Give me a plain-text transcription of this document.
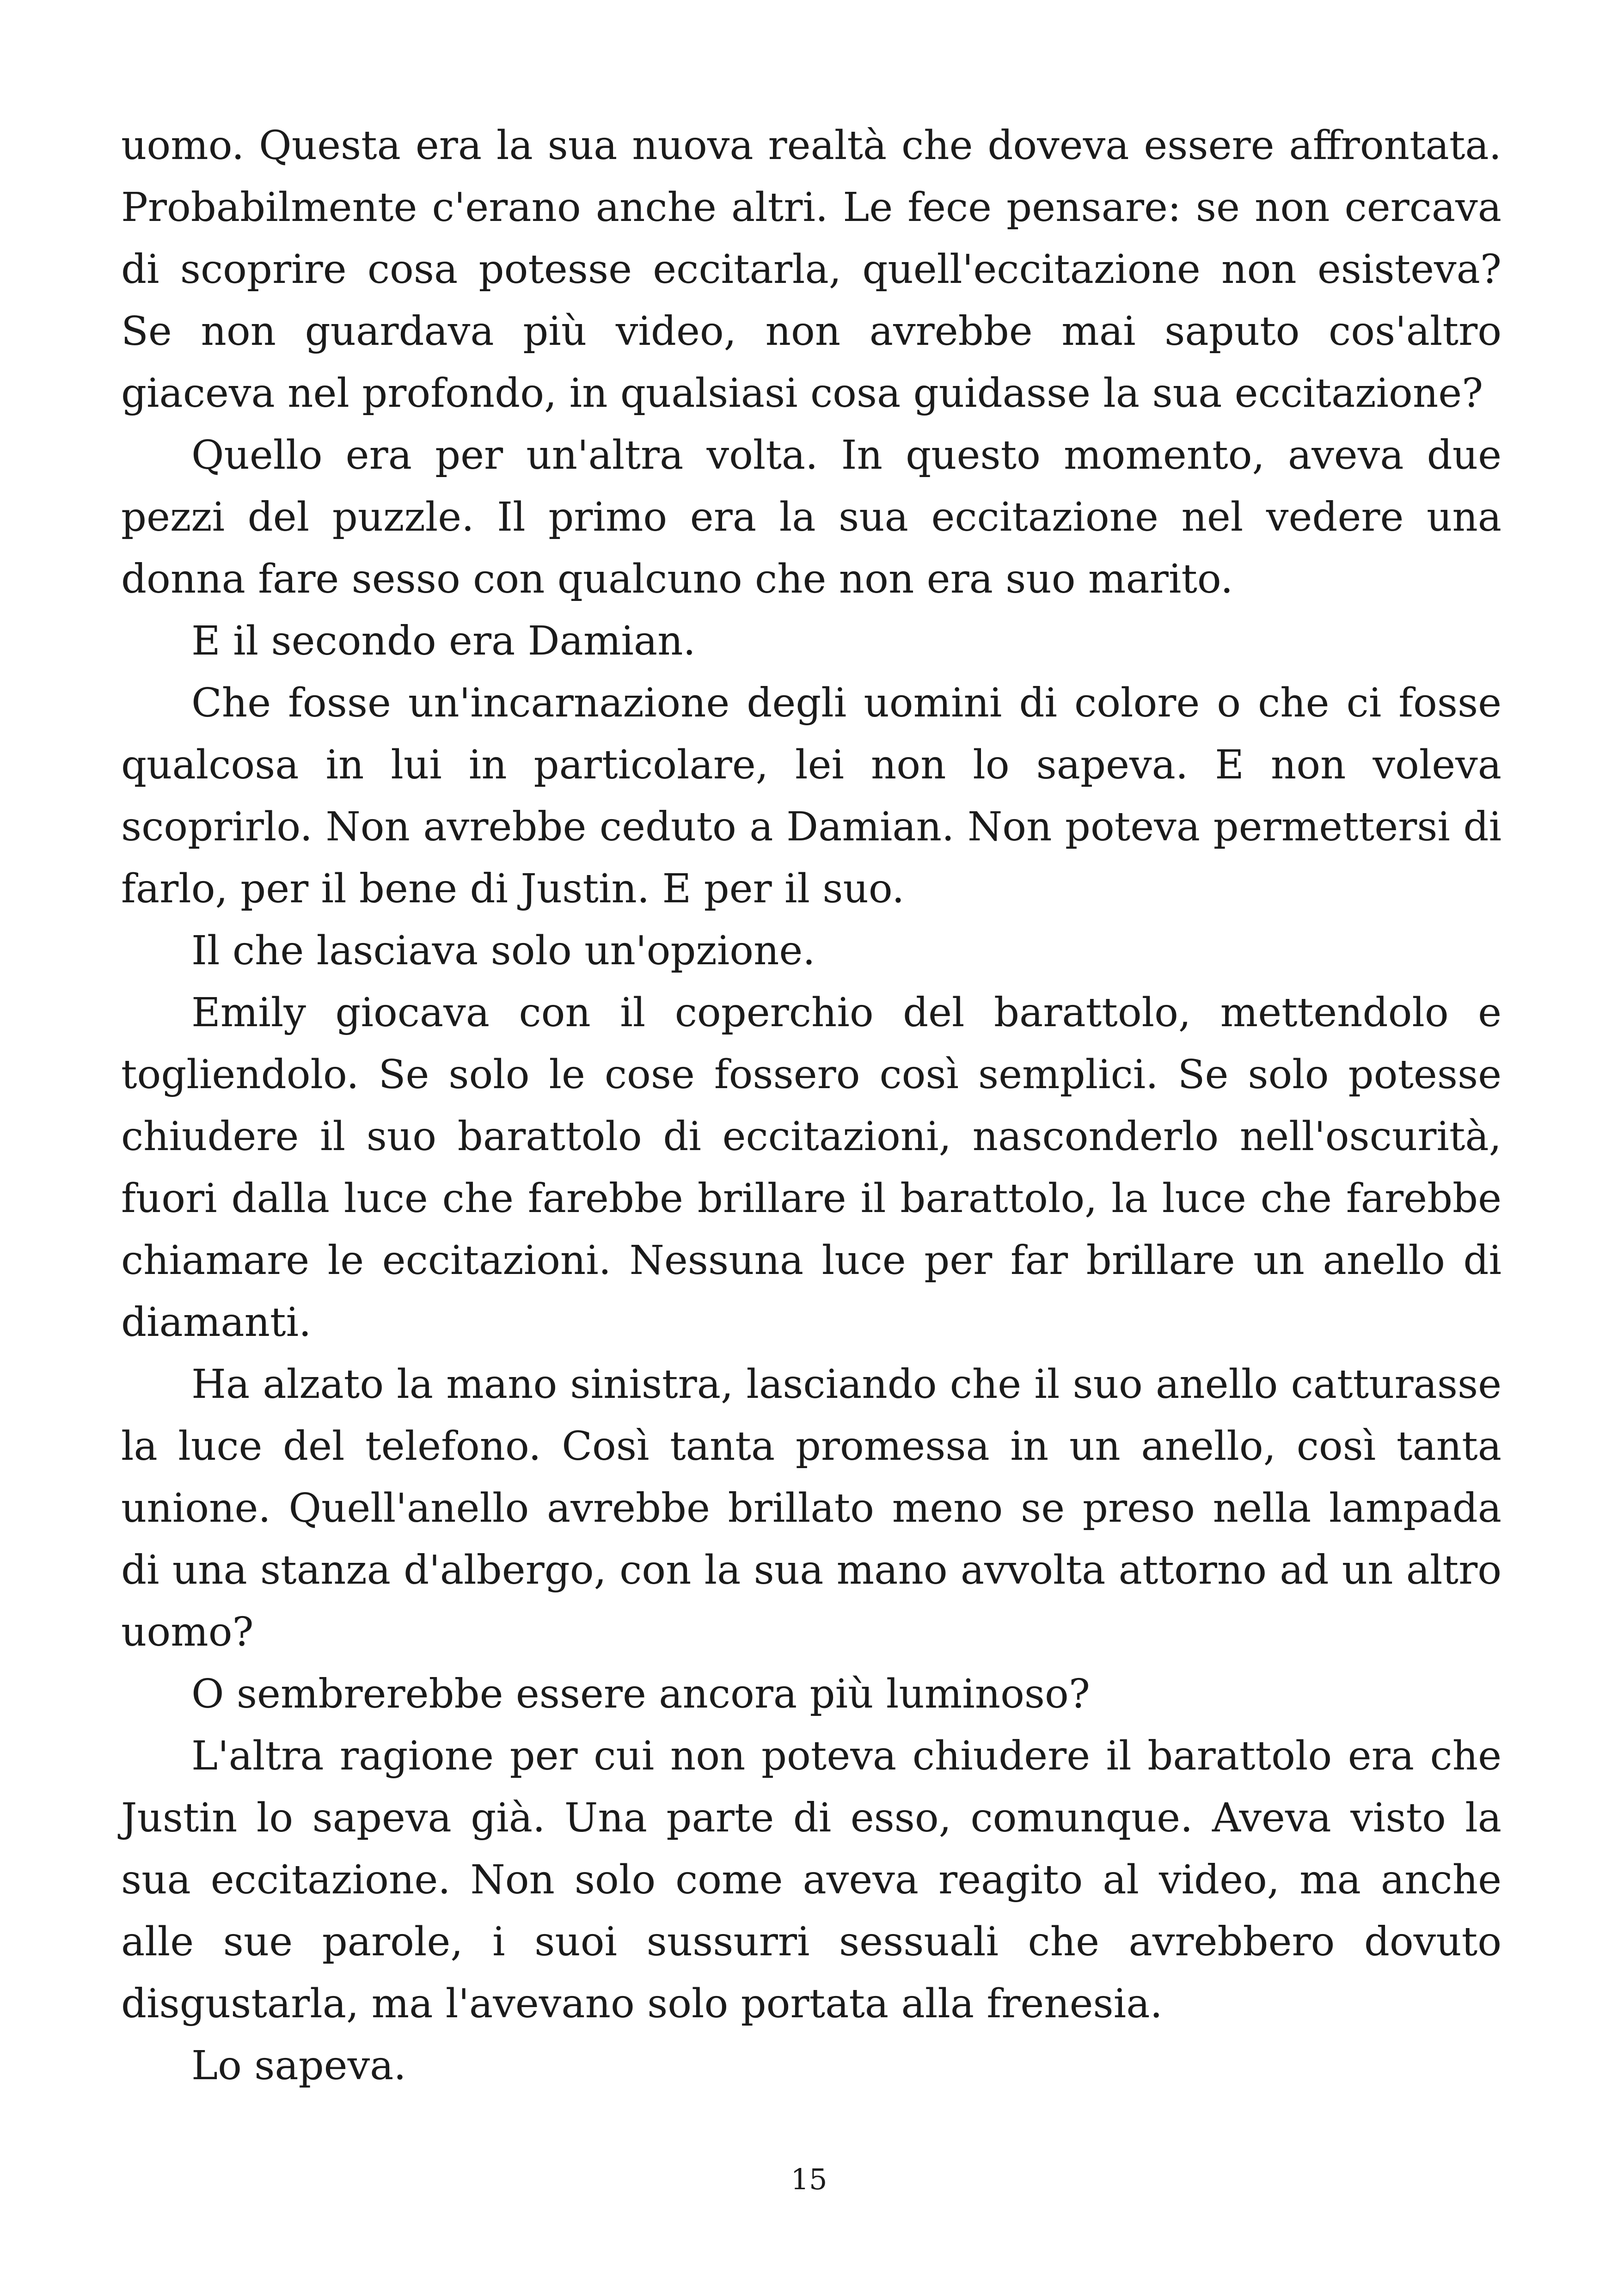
uomo. Questa era la sua nuova realtà che doveva essere affrontata. Probabilmente c'erano anche altri. Le fece pensare: se non cercava di scoprire cosa potesse eccitarla, quell'eccitazione non esisteva? Se non guardava più video, non avrebbe mai saputo cos'altro giaceva nel profondo, in qualsiasi cosa guidasse la sua eccitazione?

Quello era per un'altra volta. In questo momento, aveva due pezzi del puzzle. Il primo era la sua eccitazione nel vedere una donna fare sesso con qualcuno che non era suo marito.

E il secondo era Damian.

Che fosse un'incarnazione degli uomini di colore o che ci fosse qualcosa in lui in particolare, lei non lo sapeva. E non voleva scoprirlo. Non avrebbe ceduto a Damian. Non poteva permettersi di farlo, per il bene di Justin. E per il suo.

Il che lasciava solo un'opzione.

Emily giocava con il coperchio del barattolo, mettendolo e togliendolo. Se solo le cose fossero così semplici. Se solo potesse chiudere il suo barattolo di eccitazioni, nasconderlo nell'oscurità, fuori dalla luce che farebbe brillare il barattolo, la luce che farebbe chiamare le eccitazioni. Nessuna luce per far brillare un anello di diamanti.

Ha alzato la mano sinistra, lasciando che il suo anello catturasse la luce del telefono. Così tanta promessa in un anello, così tanta unione. Quell'anello avrebbe brillato meno se preso nella lampada di una stanza d'albergo, con la sua mano avvolta attorno ad un altro uomo?

O sembrerebbe essere ancora più luminoso?

L'altra ragione per cui non poteva chiudere il barattolo era che Justin lo sapeva già. Una parte di esso, comunque. Aveva visto la sua eccitazione. Non solo come aveva reagito al video, ma anche alle sue parole, i suoi sussurri sessuali che avrebbero dovuto disgustarla, ma l'avevano solo portata alla frenesia.

Lo sapeva.

15
